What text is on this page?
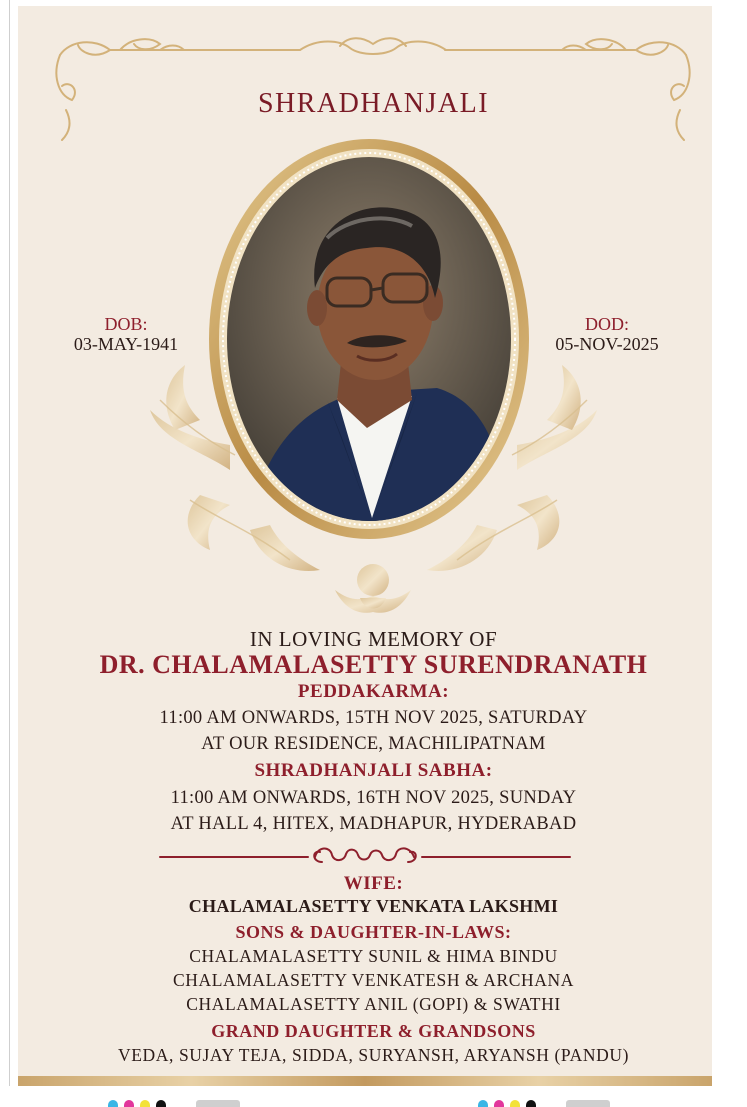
SHRADHANJALI
DOB:
03-MAY-1941
DOD:
05-NOV-2025
IN LOVING MEMORY OF
DR. CHALAMALASETTY SURENDRANATH
PEDDAKARMA:
11:00 AM ONWARDS, 15TH NOV 2025, SATURDAY
AT OUR RESIDENCE, MACHILIPATNAM
SHRADHANJALI SABHA:
11:00 AM ONWARDS, 16TH NOV 2025, SUNDAY
AT HALL 4, HITEX, MADHAPUR, HYDERABAD
WIFE:
CHALAMALASETTY VENKATA LAKSHMI
SONS & DAUGHTER-IN-LAWS:
CHALAMALASETTY SUNIL & HIMA BINDU
CHALAMALASETTY VENKATESH & ARCHANA
CHALAMALASETTY ANIL (GOPI) & SWATHI
GRAND DAUGHTER & GRANDSONS
VEDA, SUJAY TEJA, SIDDA, SURYANSH, ARYANSH (PANDU)
